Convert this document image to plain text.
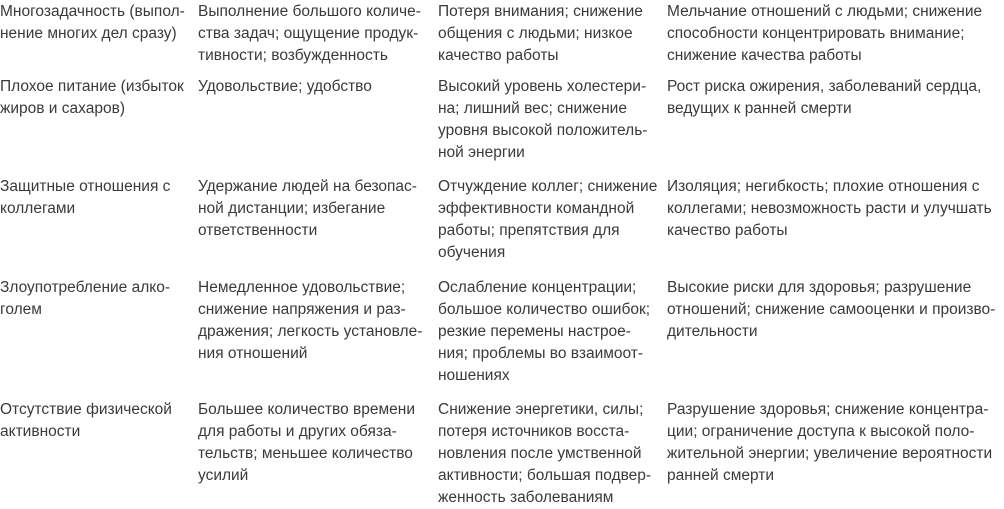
Многозадачность (выпол-
нение многих дел сразу)
Выполнение большого количе-
ства задач; ощущение продук-
тивности; возбужденность
Потеря внимания; снижение
общения с людьми; низкое
качество работы
Мельчание отношений с людьми; снижение
способности концентрировать внимание;
снижение качества работы
Плохое питание (избыток
жиров и сахаров)
Удовольствие; удобство	Высокий уровень холестери-
на; лишний вес; снижение
уровня высокой положитель-
ной энергии
Рост риска ожирения, заболеваний сердца,
ведущих к ранней смерти
Защитные отношения с
коллегами
Удержание людей на безопас-
ной дистанции; избегание
ответственности
Отчуждение коллег; снижение
эффективности командной
работы; препятствия для
обучения
Изоляция; негибкость; плохие отношения с
коллегами; невозможность расти и улучшать
качество работы
Злоупотребление алко-
голем
Немедленное удовольствие;
снижение напряжения и раз-
дражения; легкость установле-
ния отношений
Ослабление концентрации;
большое количество ошибок;
резкие перемены настрое-
ния; проблемы во взаимоот-
ношениях
Высокие риски для здоровья; разрушение
отношений; снижение самооценки и произво-
дительности
Отсутствие физической
активности
Большее количество времени
для работы и других обяза-
тельств; меньшее количество
усилий
Снижение энергетики, силы;
потеря источников восста-
новления после умственной
активности; большая подвер-
женность заболеваниям
Разрушение здоровья; снижение концентра-
ции; ограничение доступа к высокой поло-
жительной энергии; увеличение вероятности
ранней смерти
